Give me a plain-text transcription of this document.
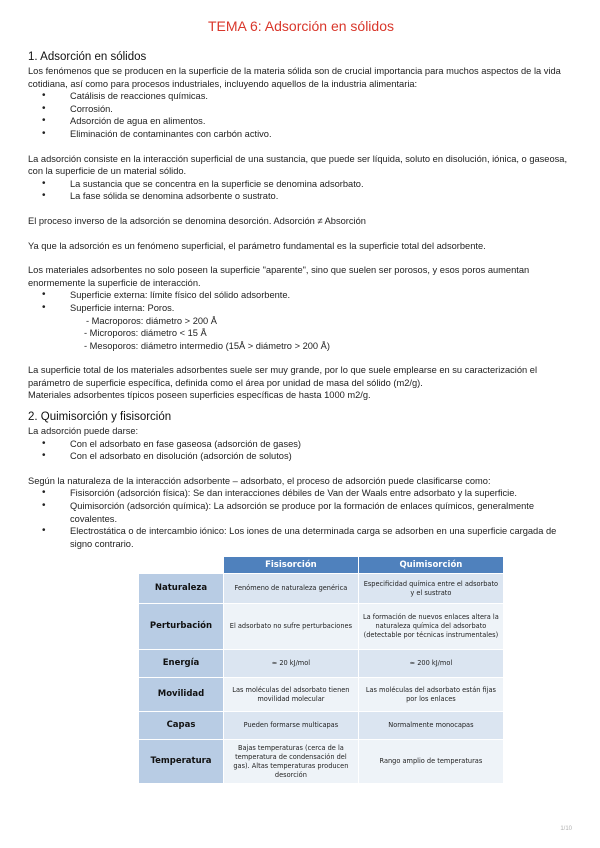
TEMA 6: Adsorción en sólidos
1. Adsorción en sólidos

Los fenómenos que se producen en la superficie de la materia sólida son de crucial importancia para muchos aspectos de la vida cotidiana, así como para procesos industriales, incluyendo aquellos de la industria alimentaria:

• Catálisis de reacciones químicas.
• Corrosión.
• Adsorción de agua en alimentos.
• Eliminación de contaminantes con carbón activo.

La adsorción consiste en la interacción superficial de una sustancia, que puede ser líquida, soluto en disolución, iónica, o gaseosa, con la superficie de un material sólido.

• La sustancia que se concentra en la superficie se denomina adsorbato.
• La fase sólida se denomina adsorbente o sustrato.

El proceso inverso de la adsorción se denomina desorción. Adsorción ≠ Absorción

Ya que la adsorción es un fenómeno superficial, el parámetro fundamental es la superficie total del adsorbente.

Los materiales adsorbentes no solo poseen la superficie "aparente", sino que suelen ser porosos, y esos poros aumentan enormemente la superficie de interacción.

• Superficie externa: límite físico del sólido adsorbente.
• Superficie interna: Poros.
- Macroporos: diámetro > 200 Å
- Microporos: diámetro < 15 Å
- Mesoporos: diámetro intermedio (15Å > diámetro > 200 Å)

La superficie total de los materiales adsorbentes suele ser muy grande, por lo que suele emplearse en su caracterización el parámetro de superficie específica, definida como el área por unidad de masa del sólido (m2/g).

Materiales adsorbentes típicos poseen superficies específicas de hasta 1000 m2/g.

2. Quimisorción y fisisorción

La adsorción puede darse:

• Con el adsorbato en fase gaseosa (adsorción de gases)
• Con el adsorbato en disolución (adsorción de solutos)

Según la naturaleza de la interacción adsorbente – adsorbato, el proceso de adsorción puede clasificarse como:

• Fisisorción (adsorción física): Se dan interacciones débiles de Van der Waals entre adsorbato y la superficie.
• Quimisorción (adsorción química): La adsorción se produce por la formación de enlaces químicos, generalmente covalentes.
• Electrostática o de intercambio iónico: Los iones de una determinada carga se adsorben en una superficie cargada de signo contrario.
	Fisisorción	Quimisorción
Naturaleza	Fenómeno de naturaleza genérica	Especificidad química entre el adsorbato y el sustrato
Perturbación	El adsorbato no sufre perturbaciones	La formación de nuevos enlaces altera la naturaleza química del adsorbato (detectable por técnicas instrumentales)
Energía	≈ 20 kJ/mol	≈ 200 kJ/mol
Movilidad	Las moléculas del adsorbato tienen movilidad molecular	Las moléculas del adsorbato están fijas por los enlaces
Capas	Pueden formarse multicapas	Normalmente monocapas
Temperatura	Bajas temperaturas (cerca de la temperatura de condensación del gas). Altas temperaturas producen desorción	Rango amplio de temperaturas
1/10
